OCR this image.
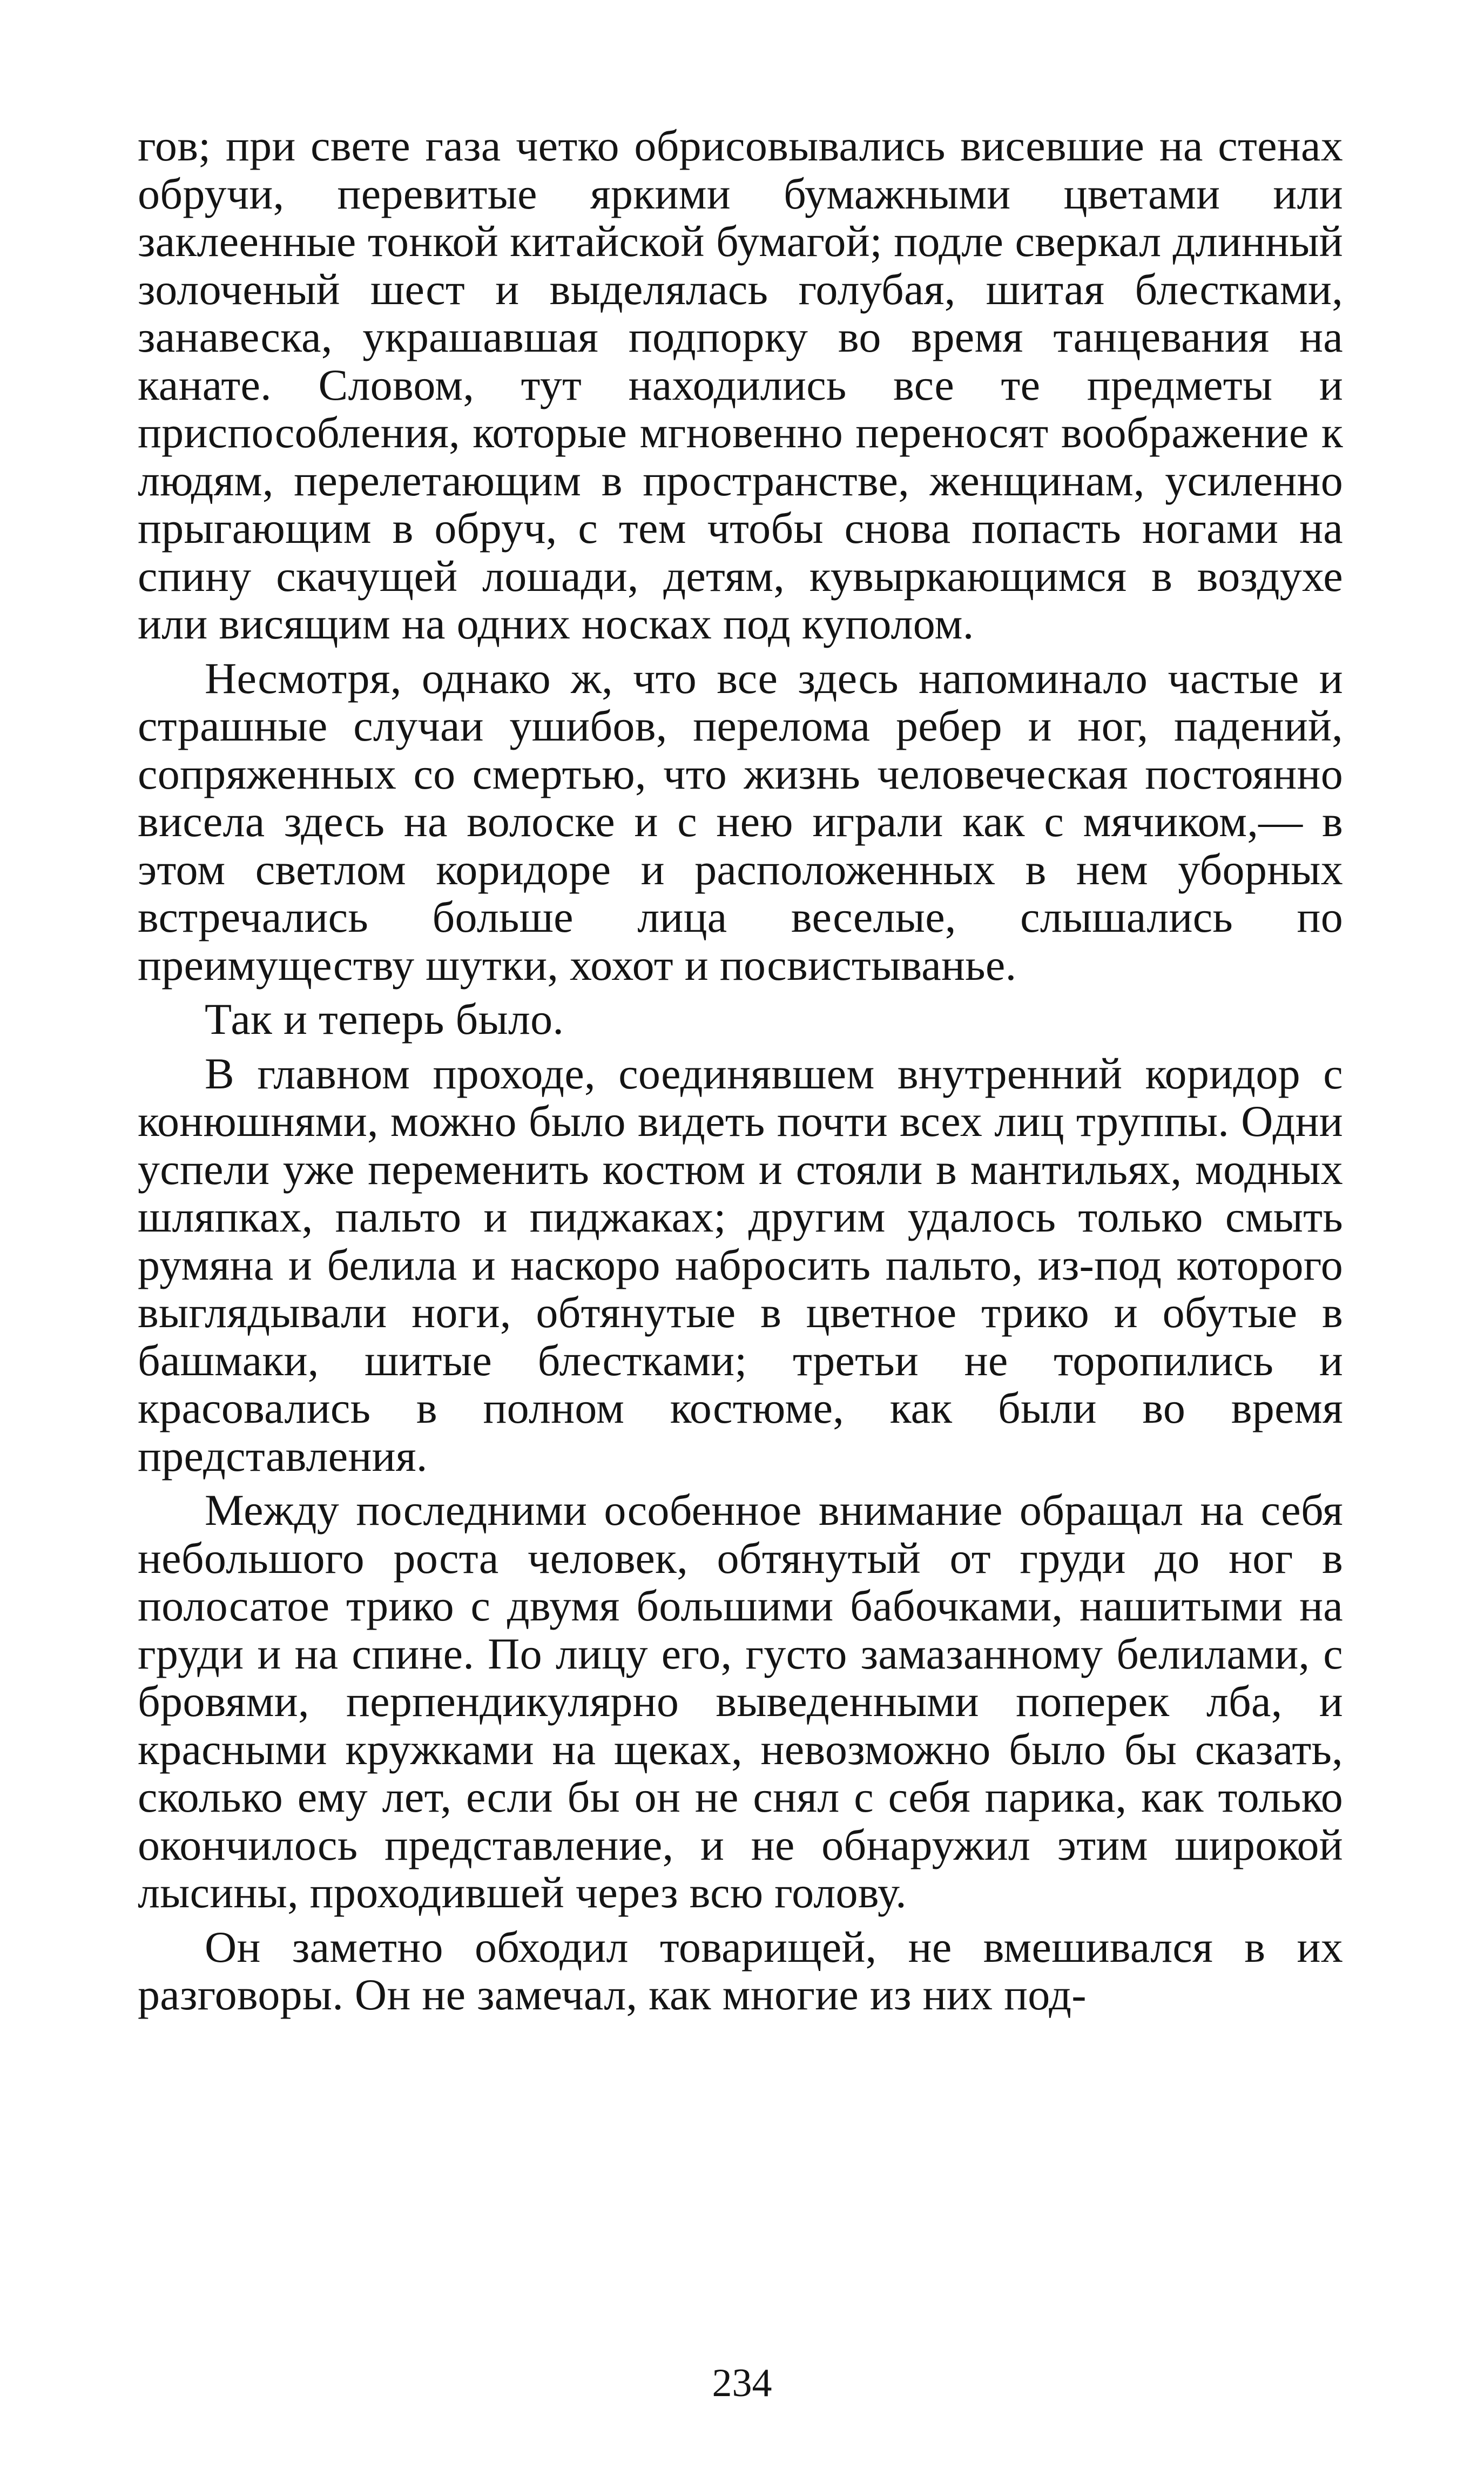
гов; при свете газа четко обрисовывались висевшие на стенах обручи, перевитые яркими бумажными цветами или заклеенные тонкой китайской бумагой; подле сверкал длинный золоченый шест и выделялась голубая, шитая блестками, занавеска, украшавшая подпорку во время танцевания на канате. Словом, тут находились все те предметы и приспособления, которые мгновенно переносят воображение к людям, перелетающим в пространстве, женщинам, усиленно прыгающим в обруч, с тем чтобы снова попасть ногами на спину скачущей лошади, детям, кувыркающимся в воздухе или висящим на одних носках под куполом.

Несмотря, однако ж, что все здесь напоминало частые и страшные случаи ушибов, перелома ребер и ног, падений, сопряженных со смертью, что жизнь человеческая постоянно висела здесь на волоске и с нею играли как с мячиком,— в этом светлом коридоре и расположенных в нем уборных встречались больше лица веселые, слышались по преимуществу шутки, хохот и посвистыванье.

Так и теперь было.

В главном проходе, соединявшем внутренний коридор с конюшнями, можно было видеть почти всех лиц труппы. Одни успели уже переменить костюм и стояли в мантильях, модных шляпках, пальто и пиджаках; другим удалось только смыть румяна и белила и наскоро набросить пальто, из-под которого выглядывали ноги, обтянутые в цветное трико и обутые в башмаки, шитые блестками; третьи не торопились и красовались в полном костюме, как были во время представления.

Между последними особенное внимание обращал на себя небольшого роста человек, обтянутый от груди до ног в полосатое трико с двумя большими бабочками, нашитыми на груди и на спине. По лицу его, густо замазанному белилами, с бровями, перпендикулярно выведенными поперек лба, и красными кружками на щеках, невозможно было бы сказать, сколько ему лет, если бы он не снял с себя парика, как только окончилось представление, и не обнаружил этим широкой лысины, проходившей через всю голову.

Он заметно обходил товарищей, не вмешивался в их разговоры. Он не замечал, как многие из них под-

234
